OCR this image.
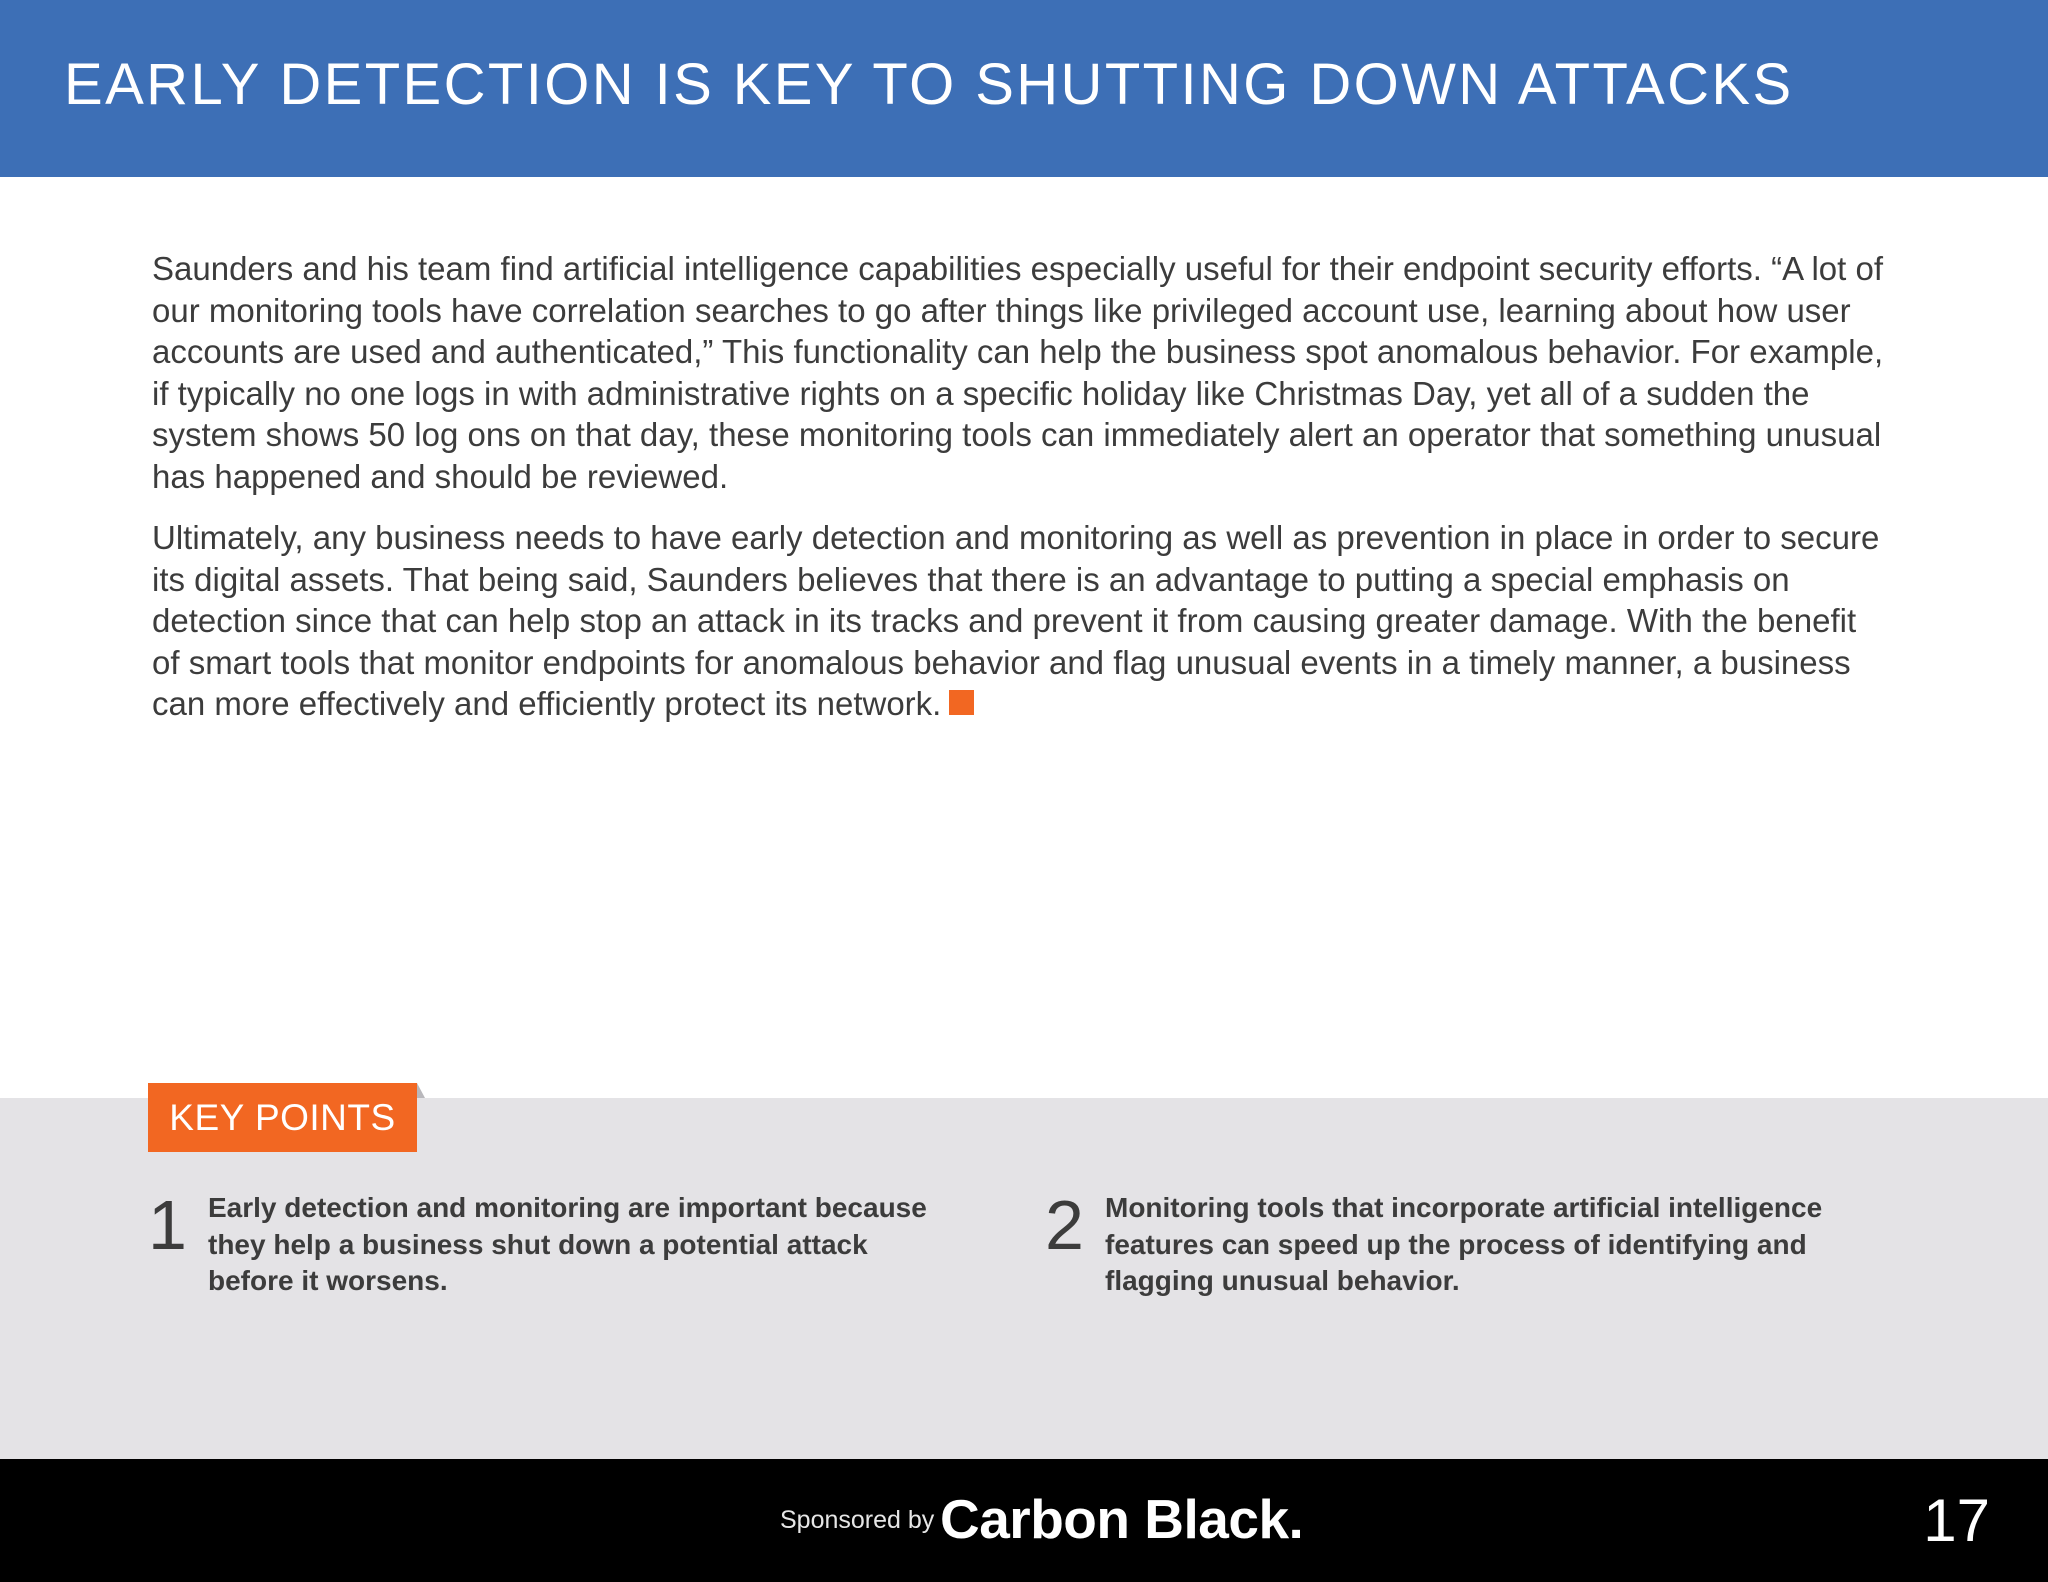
EARLY DETECTION IS KEY TO SHUTTING DOWN ATTACKS

Saunders and his team find artificial intelligence capabilities especially useful for their endpoint security efforts. “A lot of our monitoring tools have correlation searches to go after things like privileged account use, learning about how user accounts are used and authenticated,” This functionality can help the business spot anomalous behavior. For example, if typically no one logs in with administrative rights on a specific holiday like Christmas Day, yet all of a sudden the system shows 50 log ons on that day, these monitoring tools can immediately alert an operator that something unusual has happened and should be reviewed.

Ultimately, any business needs to have early detection and monitoring as well as prevention in place in order to secure its digital assets. That being said, Saunders believes that there is an advantage to putting a special emphasis on detection since that can help stop an attack in its tracks and prevent it from causing greater damage. With the benefit of smart tools that monitor endpoints for anomalous behavior and flag unusual events in a timely manner, a business can more effectively and efficiently protect its network.

KEY POINTS
1 Early detection and monitoring are important because they help a business shut down a potential attack before it worsens.
2 Monitoring tools that incorporate artificial intelligence features can speed up the process of identifying and flagging unusual behavior.
Sponsored by Carbon Black.	17
